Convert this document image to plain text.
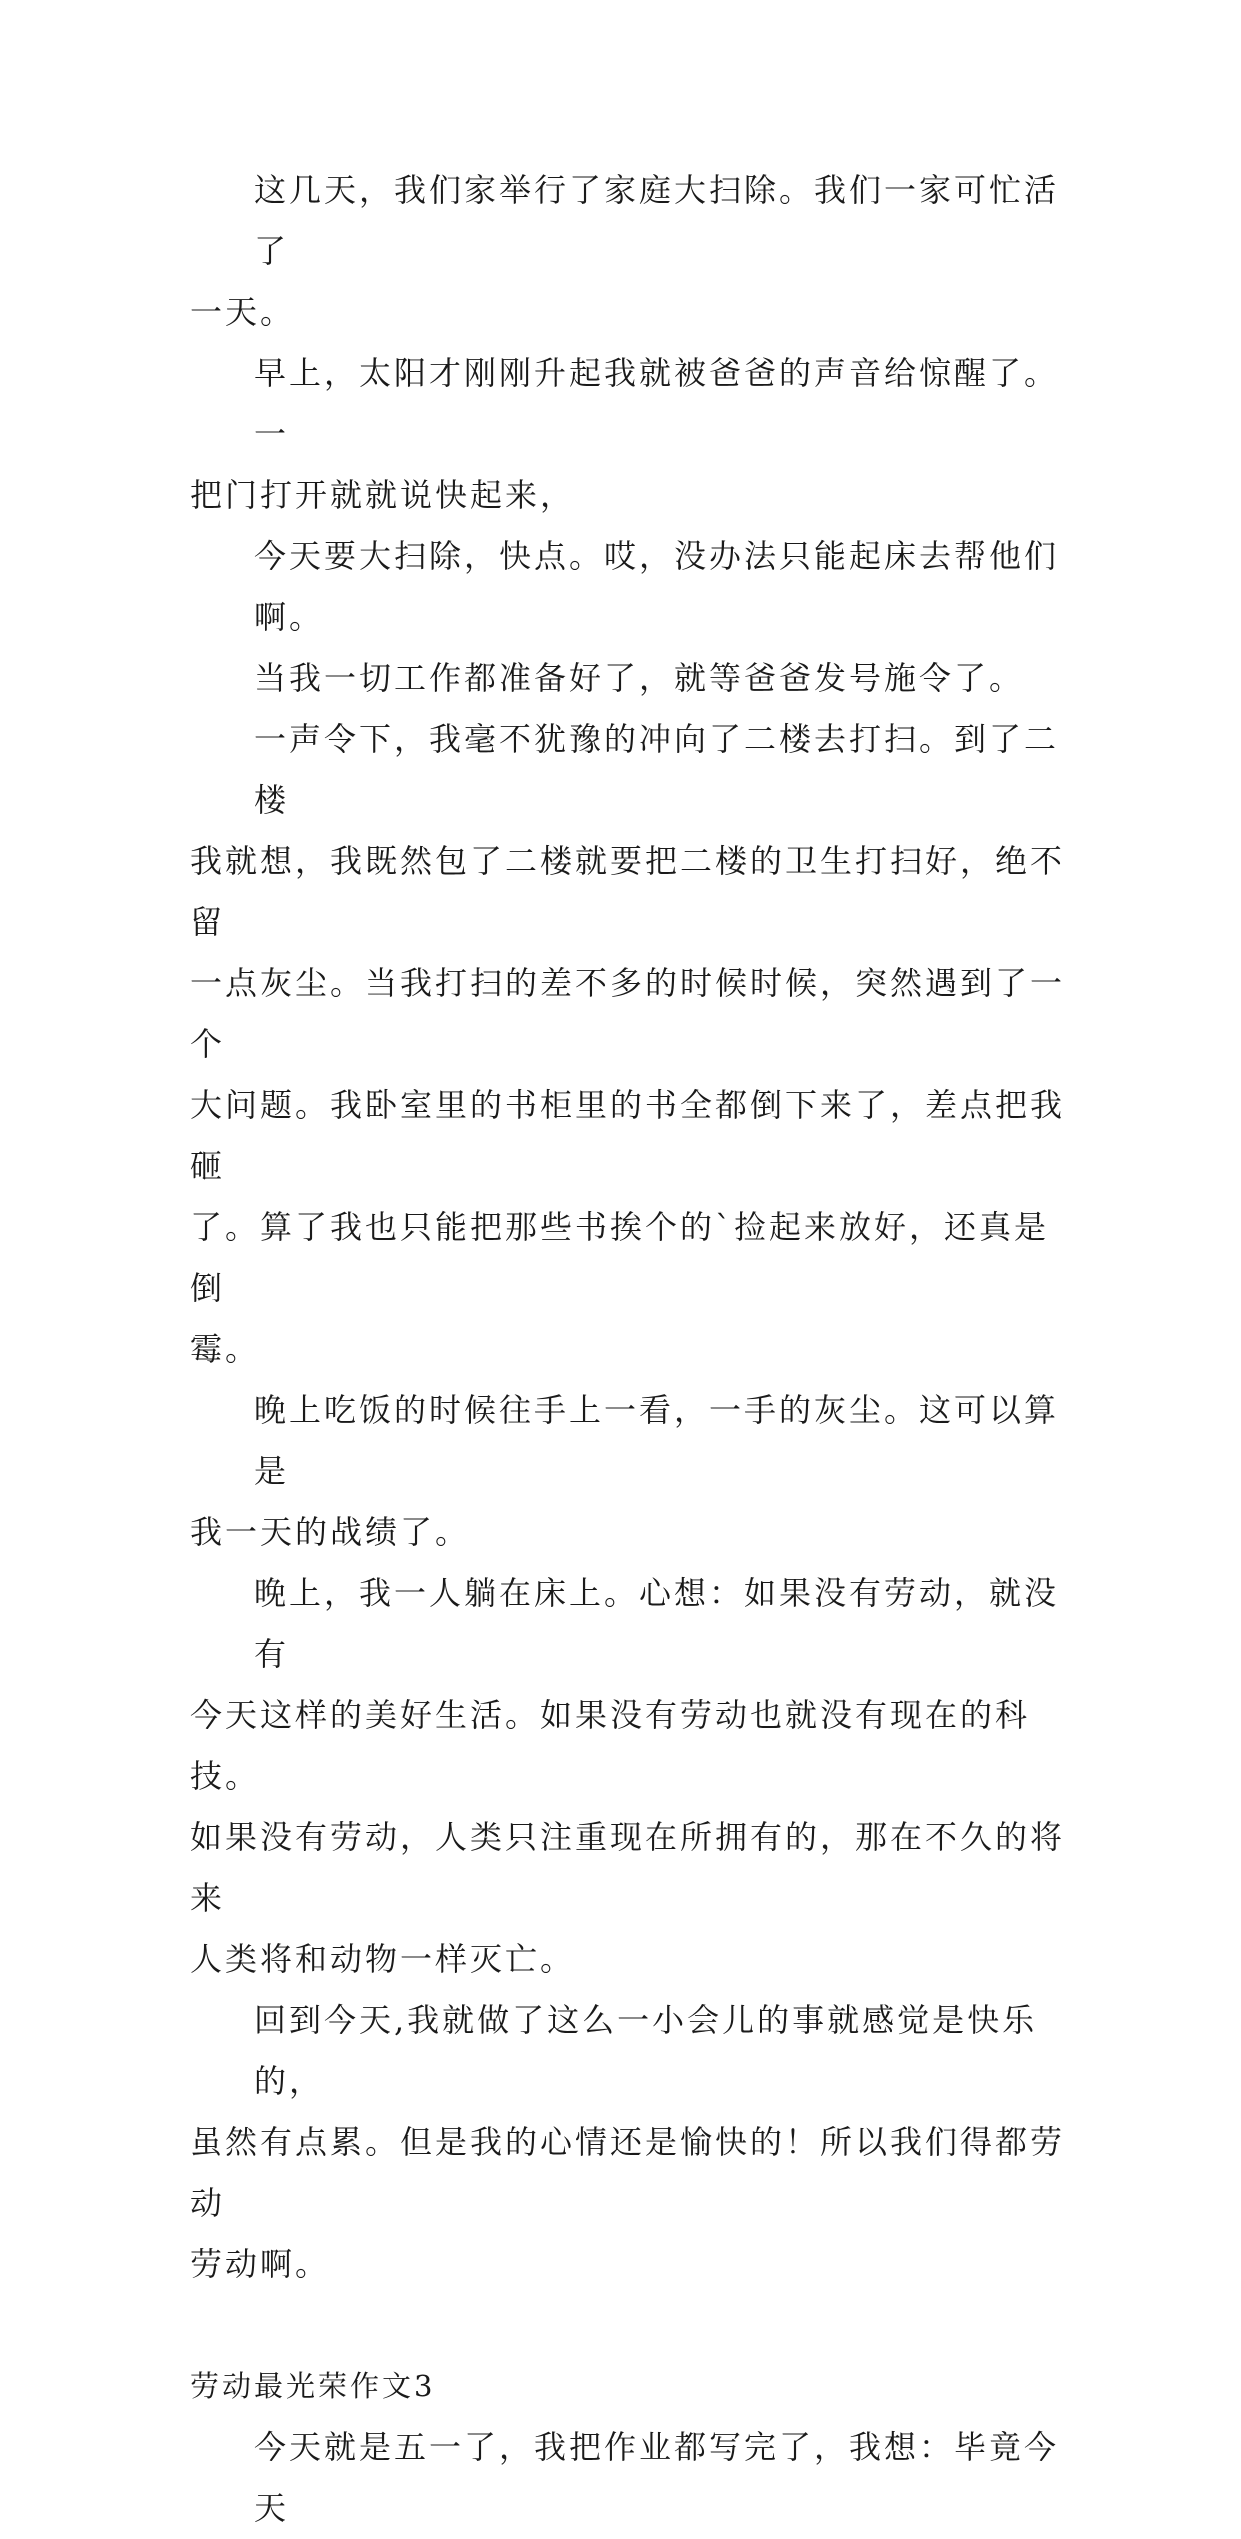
这几天，我们家举行了家庭大扫除。我们一家可忙活了
一天。

早上，太阳才刚刚升起我就被爸爸的声音给惊醒了。一
把门打开就就说快起来，

今天要大扫除，快点。哎，没办法只能起床去帮他们啊。

当我一切工作都准备好了，就等爸爸发号施令了。

一声令下，我毫不犹豫的冲向了二楼去打扫。到了二楼
我就想，我既然包了二楼就要把二楼的卫生打扫好，绝不留
一点灰尘。当我打扫的差不多的时候时候，突然遇到了一个
大问题。我卧室里的书柜里的书全都倒下来了，差点把我砸
了。算了我也只能把那些书挨个的`捡起来放好，还真是倒
霉。

晚上吃饭的时候往手上一看，一手的灰尘。这可以算是
我一天的战绩了。

晚上，我一人躺在床上。心想：如果没有劳动，就没有
今天这样的美好生活。如果没有劳动也就没有现在的科技。
如果没有劳动，人类只注重现在所拥有的，那在不久的将来
人类将和动物一样灭亡。

回到今天,我就做了这么一小会儿的事就感觉是快乐的，
虽然有点累。但是我的心情还是愉快的！所以我们得都劳动
劳动啊。

劳动最光荣作文3

今天就是五一了，我把作业都写完了，我想：毕竟今天
